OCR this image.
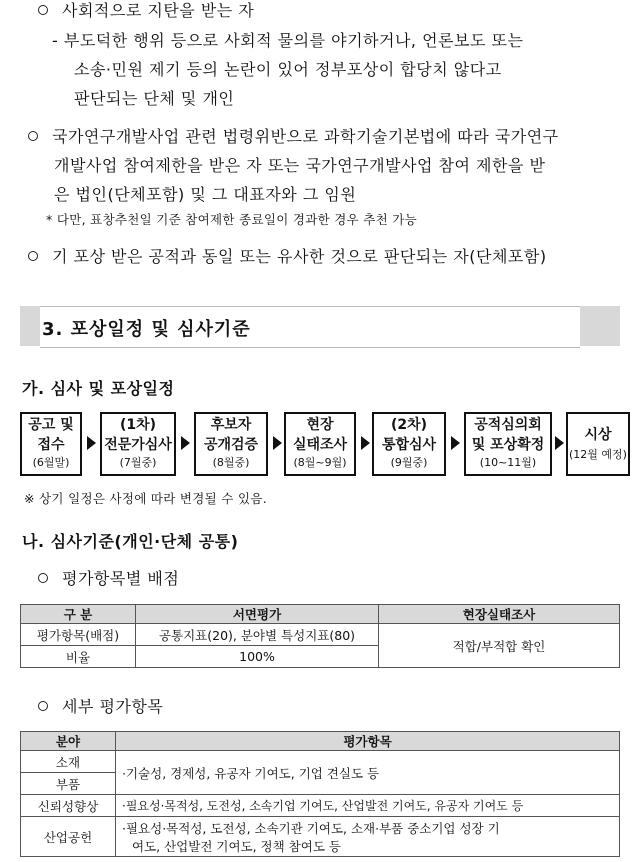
사회적으로 지탄을 받는 자
- 부도덕한 행위 등으로 사회적 물의를 야기하거나, 언론보도 또는
소송·민원 제기 등의 논란이 있어 정부포상이 합당치 않다고
판단되는 단체 및 개인
국가연구개발사업 관련 법령위반으로 과학기술기본법에 따라 국가연구
개발사업 참여제한을 받은 자 또는 국가연구개발사업 참여 제한을 받
은 법인(단체포함) 및 그 대표자와 그 임원
* 다만, 표창추천일 기준 참여제한 종료일이 경과한 경우 추천 가능
기 포상 받은 공적과 동일 또는 유사한 것으로 판단되는 자(단체포함)
3. 포상일정 및 심사기준
가. 심사 및 포상일정
공고 및
접수
(6월말)
(1차)
전문가심사
(7월중)
후보자
공개검증
(8월중)
현장
실태조사
(8월~9월)
(2차)
통합심사
(9월중)
공적심의회
및 포상확정
(10~11월)
시상
(12월 예정)
※ 상기 일정은 사정에 따라 변경될 수 있음.
나. 심사기준(개인·단체 공통)
평가항목별 배점
구 분	서면평가	현장실태조사
평가항목(배점)	공통지표(20), 분야별 특성지표(80)	적합/부적합 확인
비율	100%	
세부 평가항목
분야	평가항목
소재	·기술성, 경제성, 유공자 기여도, 기업 견실도 등
부품	
신뢰성향상	·필요성·목적성, 도전성, 소속기업 기여도, 산업발전 기여도, 유공자 기여도 등
산업공헌	·필요성·목적성, 도전성, 소속기관 기여도, 소재·부품 중소기업 성장 기
여도, 산업발전 기여도, 정책 참여도 등
